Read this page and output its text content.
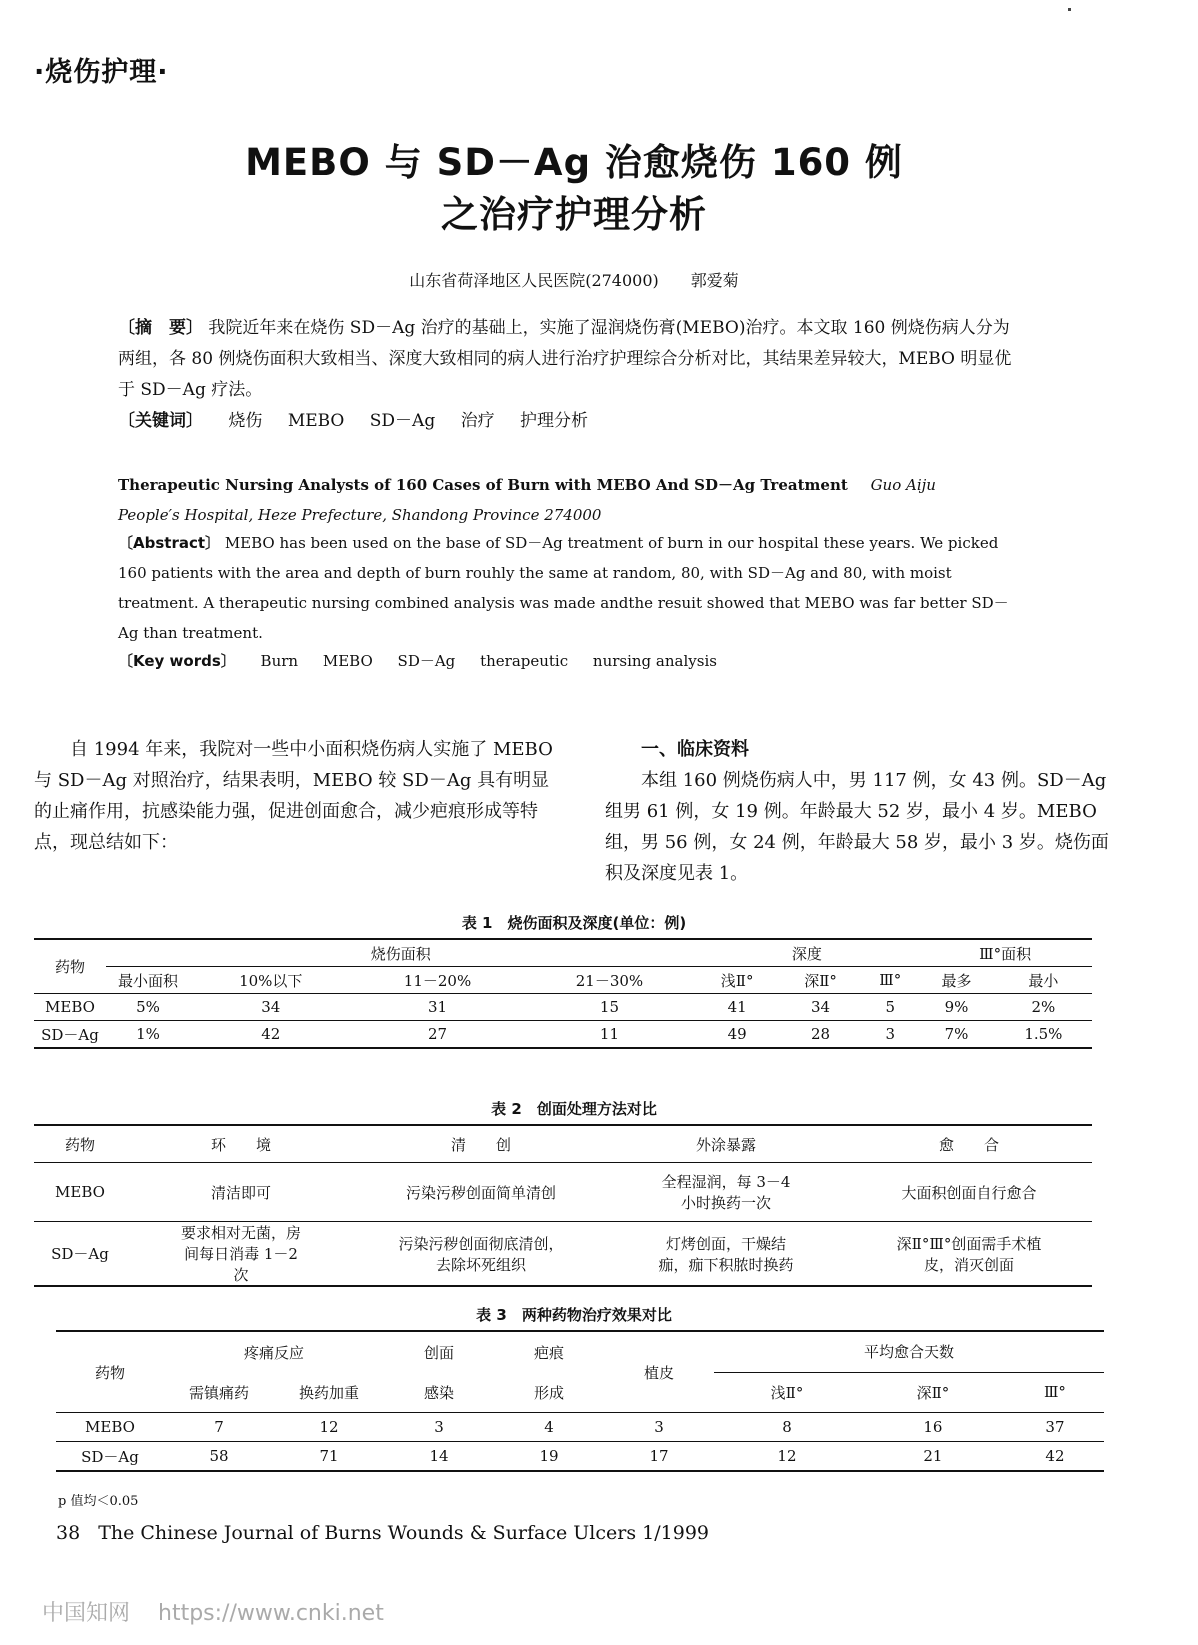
·烧伤护理·
MEBO 与 SD－Ag 治愈烧伤 160 例
之治疗护理分析
山东省荷泽地区人民医院(274000) 郭爱菊
〔摘　要〕 我院近年来在烧伤 SD－Ag 治疗的基础上，实施了湿润烧伤膏(MEBO)治疗。本文取 160 例烧伤病人分为两组，各 80 例烧伤面积大致相当、深度大致相同的病人进行治疗护理综合分析对比，其结果差异较大，MEBO 明显优于 SD－Ag 疗法。
〔关键词〕 烧伤 MEBO SD－Ag 治疗 护理分析
Therapeutic Nursing Analysts of 160 Cases of Burn with MEBO And SD－Ag Treatment Guo Aiju
People′s Hospital, Heze Prefecture, Shandong Province 274000
〔Abstract〕 MEBO has been used on the base of SD－Ag treatment of burn in our hospital these years. We picked 160 patients with the area and depth of burn rouhly the same at random, 80, with SD－Ag and 80, with moist treatment. A therapeutic nursing combined analysis was made andthe resuit showed that MEBO was far better SD－Ag than treatment.
〔Key words〕 Burn MEBO SD－Ag therapeutic nursing analysis
自 1994 年来，我院对一些中小面积烧伤病人实施了 MEBO 与 SD－Ag 对照治疗，结果表明，MEBO 较 SD－Ag 具有明显的止痛作用，抗感染能力强，促进创面愈合，减少疤痕形成等特点，现总结如下：
一、临床资料
本组 160 例烧伤病人中，男 117 例，女 43 例。SD－Ag 组男 61 例，女 19 例。年龄最大 52 岁，最小 4 岁。MEBO 组，男 56 例，女 24 例，年龄最大 58 岁，最小 3 岁。烧伤面积及深度见表 1。
表 1　烧伤面积及深度(单位：例)
药物	烧伤面积				深度			Ⅲ°面积	
	最小面积	10%以下	11－20%	21－30%	浅Ⅱ°	深Ⅱ°	Ⅲ°	最多	最小
MEBO	5%	34	31	15	41	34	5	9%	2%
SD－Ag	1%	42	27	11	49	28	3	7%	1.5%
表 2　创面处理方法对比
药物	环　　境	清　　创	外涂暴露	愈　　合
MEBO	清洁即可	污染污秽创面简单清创	全程湿润，每 3－4 小时换药一次	大面积创面自行愈合
SD－Ag	要求相对无菌，房间每日消毒 1－2 次	污染污秽创面彻底清创，去除坏死组织	灯烤创面，干燥结痂，痂下积脓时换药	深Ⅱ°Ⅲ°创面需手术植皮，消灭创面
表 3　两种药物治疗效果对比
药物	疼痛反应		创面	疤痕	植皮	平均愈合天数		
	需镇痛药	换药加重	感染	形成		浅Ⅱ°	深Ⅱ°	Ⅲ°
MEBO	7	12	3	4	3	8	16	37
SD－Ag	58	71	14	19	17	12	21	42
p 值均＜0.05
38 The Chinese Journal of Burns Wounds & Surface Ulcers 1/1999
中国知网 https://www.cnki.net
